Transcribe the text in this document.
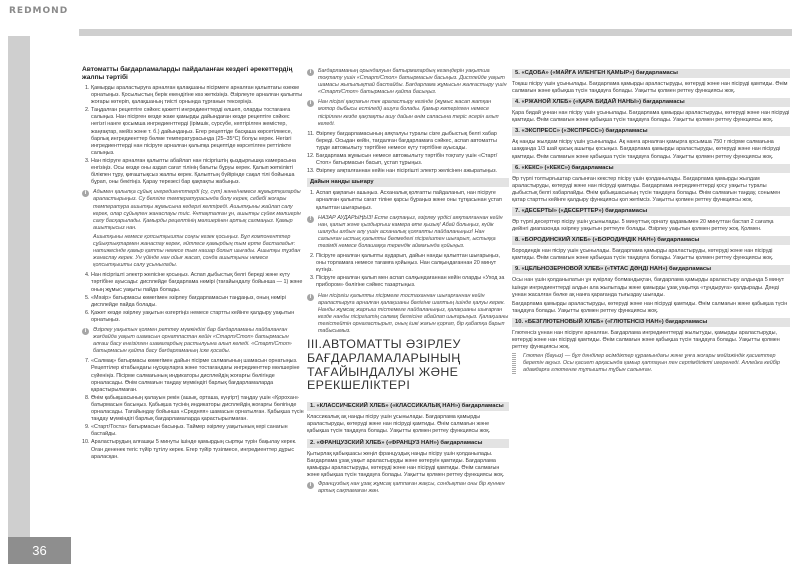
REDMOND
36
Автоматты бағдарламаларды пайдаланған кездегі әрекеттердің жалпы тәртібі
1. Қамырды араластыруға арналған қалақшаны пісірмеге арналған қалыптағы өзекке орнатыңыз. Қосылыстың берік екендігіне көз жеткізіңіз. Әзірлеуге арналған қалыпты жоғары көтеріп, қалақшаның тиісті орнында тұрғанын тексеріңіз.
2. Таңдалған рецептіге сәйкес қажетті ингредиенттерді өлшеп, оларды тостағанға салыңыз. Нан пісірген кезде жаке қамырды дайындаған кезде рецептіге сәйкес негізгі нанге қосымша ингредиенттерді (ірімшік, сүрсүбе, кептірілген жемістер, жаңғақтар, мейіз және т. б.) дайындаңыз. Егер рецептіде басқаша көрсетілмесе, барлық ингредиенттер бөлме температурасында (25–35°С) болуы керек. Негізгі ингредиенттерді нан пісіруге арналған қалыпқа рецептіде көрсетілген реттілікте салыңыз.
3. Нан пісіруге арналған қалыпты абайлап нан пісіргіштің қыздырғышқа камерасына енгізіңіз. Осы кезде оны аздап сағат тілінің бағыты бұруы керек. Қалып жеткілікті білікпен тұру, қиғаштықсыз жалпы керек. Қалыптың бүйірінде сақал тілі бойынша бұрап, оны бекітіңіз. Қарау терезесі бар қақпақты жабыңыз.
i	Адымен қалыпқа сұйық ингредиенттерді (су, сүт) және/немесе жұмыртқаларды араластырыңыз. Су белгіле температурасында болу керек, себебі жоғары температура ашытқы жұмысына кедергі келтіреді. Ашытқыны жайлап салу керек, олар сұйықпен жанаспауы тиіс. Ұнтақталған ұн, ашытқы сүйек мөлшерін салу басқарылады. Қамырды рецептінің мөлшерінен артық салмаңыз. Қамыр ашытқысыз нан.

Ашытқыны немесе қопсытқышты соңғы кезек қосыңыз. Бұл компоненттер сұйықтықтармен жанаспау керек, әйтпесе қамырдың тым ерте басталадығ: натижесінде қамыр қатты немесе тым нашар болып шығады. Ашытқы тұздан жанаспау керек. Ун үйінде нан ойығ жасап, сонда ашытқыны немесе қопсытқышты салу ұсынылады.

4. Нан пісіргішті электр желісіне қосыңыз. Аспап дыбыстық белгі береді және күту тәртібіне ауысады: дисплейде бағдарлама нөмірі (тағайындалу бойынша — 1) және оның жұмыс уақыты пайда болады.
5. «Мәзір» батырмасы көмегімен әзірлеу бағдарламасын таңдаңыз, оның нөмірі дисплейде пайда болады.
6. Қажет кезде әзірлеу уақытын өзгертіңіз немесе стартты кейінге қалдыру уақытын орнатыңыз.
i	Әзірлеу уақытын қолмен реттеу мүмкіндігі бар бағдарламаны пайдаланған жағдайда уақыт шамасын орнатпастан кейін «Старт/Стоп» батырмасын алғаш басу енгізілген шамалардың растылуына алып келеді. «Старт/Стоп» батырмасын қайта басу бағдарламаның іске қосады.

7. «Салмақ» батырмасы көмегімен дайын пісірме салмағының шамасын орнатыңыз. Рецептілер кітабындағы нұсқауларға және тостағандағы ингредиенттер мөлшеріне сүйеніңіз. Пісірме салмағының индикаторы дисплейдің жоғарғы бөлігінде орналасады. Өнім салмағын таңдау мүмкіндігі барлық бағдарламаларда қарастырылмаған.
8. Өнім қабықшасының қалауын рекін (ашық, орташа, күңгірт) таңдау үшін «Қорохан» батырмасын басыңыз. Қабықша түсінің индикаторы дисплейдің жоғарғы бөлігінде орналасады. Тағайындау бойынша «Средняя» шамасын орнатылған. Қабықша түсін таңдау мүмкіндігі барлық бағдарламаларда қарастырылмаған.
9. «Старт/Тоста» батырмасын басыңыз. Таймер әзірлеу уақытының кері санағын бастайды.
10. Араластырудың алғашқы 5 минуты ішінде қамырдың сыртқы түрін бақылау керек. Оған дененек тегіс түйір тұтілу керек. Егер түйір түзілмесе, ингредиенттер дұрыс араласқан.
i	Бағдарламаның орындалуын батырмалардың кезеңдерін уақытша тоқтату үшін «Старт/Стоп» батырмасын басыңыз. Дисплейде уақыт шамасы жыпылықтай бастайды. Бағдарлама жұмысын жалғастыру үшін «Старт/Стоп» батырмасын қайта басыңыз.

i	Нан пісіргі қақпағын тек араластыру кезінде (жұмыс жасап жатқан мотор дыбысы естіледі) ашуға болады. Қамыр көтерілген немесе пісірілген кезде қақпақты ашу дайын өнім сапасына теріс әсерін алып келеді.

11. Әзірлеу бағдарламасының аяқталуы туралы сізге дыбыстық белгі хабар береді. Осыдан кейін, тағдалған бағдарламаға сәйкес, аспап автоматты түрде автожылыту тәртібіне немесе күту тәртібіне ауысады.
12. Бағдарлама жұмысын немесе автожылыту тәртібін тоқтату үшін «Старт/Стоп» батырмасын басып, ұстап тұрыңыз.
13. Әзірлеу аяқталғаннан кейін нан пісіргішті электр желісінен ажыратыңыз.
Дайын нанды шығару
1. Аспап қақпағын ашыңыз. Асханалық қолғапты пайдаланып, нан пісіруге арналған қалыпты сағат тіліне қарсы бұраңыз және оны тұтқасынан ұстап қалыптан шығарыңыз.
!	НАЗАР АУДАРЫҢЫЗ! Есте сақтаңыз, әзірлеу үрдісі аяқталғаннан кейін нан, қалып және қыздырғыш камера өте қызық! Абай болыңыз, күйік шалуды алдын алу үшін асханалық қолғапты пайдаланыңыз! Нан салынған ыстық қалыпты бөлмедегі пісіргіштен шығарып, ыстыққа төзімді немесе болашаққа терендік аймағында қойыңыз.

2. Пісіруге арналған қалыпты аударып, дайын нанды қалыптан шығарыңыз, оны торламаға немесе тағамға қойыңыз. Нан салқындағаннан 20 минут күтіңіз.
3. Пісіруге арналған қалып мен аспап салқындағаннан кейін оларды «Уход за прибором» бөлігіне сәйкес тазартыңыз.
i	Нан пісіргіш қалыпты пісірмеге тостаханнан шығарғаннан кейін араластыруға арналған қалақшаны бөлігіне шаптың ішінде қалуы керек. Нанды жұмсақ жарғыш тістемеге пайдаланыңыз, қалақшаны шығарған кезде нанды пісіргіштің салмақ белгісіне абайлап шығарыңыз. Қалақшаны тегістейтін орналастырып, оның ішкі жағын қорғап, бір қабатқа барып табысымыз.

III.АВТОМАТТЫ ӘЗІРЛЕУ БАҒДАРЛАМАЛАРЫНЫҢ ТАҒАЙЫНДАЛУЫ ЖӘНЕ ЕРЕКШЕЛІКТЕРІ
1. «КЛАССИЧЕСКИЙ ХЛЕБ» («КЛАССИКАЛЫҚ НАН») бағдарламасы

Классикалық ақ нанды пісіру үшін ұсынылады. Бағдарлама қамырды араластыруды, көтеруді және нан пісіруді қамтиды. Өнім салмағын және қабықша түсін таңдауға болады. Уақытты қолмен реттеу функциясы жоқ.

2. «ФРАНЦУЗСКИЙ ХЛЕБ» («ФРАНЦУЗ НАН») бағдарламасы

Қытырлақ қабықшасы жеңіл француздық нанды пісіру үшін қолданылады. Бағдарлама ұзақ уақыт араластыруды және көтеруін қамтиды. Бағдарлама қамырды араластыруды, көтеруді және нан пісіруді қамтиды. Өнім салмағын және қабықша түсін таңдауға болады. Уақытты қолмен реттеу функциясы жоқ.

i	Француздық нан ұзақ жұмсақ қатпаған жақсы, сондықтан оны бір күннен артық сақтамаған жөн.

5. «СДОБА» («МАЙҒА ИЛЕНГЕН ҚАМЫР») бағдарламасы

Тоқаш пісіру үшін ұсынылады. Бағдарлама қамырды араластыруды, көтеруді және нан пісіруді қамтиды. Өнім салмағын және қабықша түсін таңдауға болады. Уақытты қолмен реттеу функциясы жоқ.

4. «РЖАНОЙ ХЛЕБ» («ҚАРА БИДАЙ НАНЫ») бағдарламасы

Қара бидай ұннан нан пісіру үшін ұсынылады. Бағдарлама қамырды араластыруды, көтеруді және нан пісіруді қамтиды. Өнім салмағын және қабықша түсін таңдауға болады. Уақытты қолмен реттеу функциясы жоқ.

3. «ЭКСПРЕСС» («ЭКСПРЕСС») бағдарламасы

Ақ нанды жылдам пісіру үшін ұсынылады. Ақ нанға арналған қамырға қосымша 750 г пісірме салмағына шаққанда 1/3 шай қасық ашытқы қосыңыз. Бағдарлама қамырды араластыруды, көтеруді және нан пісіруді қамтиды. Өнім салмағын және қабықша түсін таңдауға болады. Уақытты қолмен реттеу функциясы жоқ.

6. «КЕКС» («КЕКС») бағдарламасы

Әр түрлі толтырғыштар салынған кекстер пісіру үшін қолданылады. Бағдарлама қамырды жылдам араластыруды, көтеруді және нан пісіруді қамтиды. Бағдарлама ингредиенттерді қосу уақыты туралы дыбыстық белгі хабарлайды. Өнім қабықшасының түсін таңдауға болады. Өнім салмағын таңдау, сонымен қатар стартты кейінге қалдыру функциясы қол жетімсіз. Уақытты қолмен реттеу функциясы жоқ.

7. «ДЕСЕРТЫ» («ДЕСЕРТТЕР») бағдарламасы

Әр түрлі десерттер пісіру үшін ұсынылады. 5 минуттық орнату қадамымен 20 минуттан бастап 2 сағатқа дейінгі диапазонда әзірлеу уақытын реттеуге болады. Әзірлеу уақытын қолмен реттеу жоқ. Қолмен.

8. «БОРОДИНСКИЙ ХЛЕБ» («БОРОДИНДІК НАН») бағдарламасы

Бородиндік нан пісіру үшін ұсынылады. Бағдарлама қамырды араластыруды, көтеруді және нан пісіруді қамтиды. Өнім салмағын және қабықша түсін таңдауға болады. Уақытты қолмен реттеу функциясы жоқ.

9. «ЦЕЛЬНОЗЕРНОВОЙ ХЛЕБ» («ТҰТАС ДӘНДІ НАН») бағдарламасы

Осы нан үшін қолданылатын ұн күкірлау болмандықтан, бағдарлама қамырды араластыру алдында 5 минут ішінде ингредиенттерді алдын ала жылытады және қамырды ұзақ уақытқа «тұндыруға» қалдырады. Дәнді ұннан жасалған бөлке ақ нанға қарағанда тығыздау шығады.

Бағдарлама қамырды араластыруды, көтеруді және нан пісіруді қамтиды. Өнім салмағын және қабықша түсін таңдауға болады. Уақытты қолмен реттеу функциясы жоқ.

10. «БЕЗГЛЮТЕНОВЫЙ ХЛЕБ» («ГЛЮТЕНСІЗ НАН») бағдарламасы

Глютенсіз ұннан нан пісіруге арналған. Бағдарлама ингредиенттерді жылытуды, қамырды араластыруды, көтеруді және нан пісіруді қамтиды. Өнім салмағын және қабықша түсін таңдауға болады. Уақытты қолмен реттеу функциясы жоқ.

Глютен (бауыз) — бұл дәнділер өсімдіктер құрамындағы және ұнға жоғары мәйізжіндік қасиеттер беретін ақуыз. Осы қасиет арқасында қамыр қатпауын пен серпімділікті игеренеді. Аллейка кейбір адамдарға глютенге тұтышты тұбын салынған.
